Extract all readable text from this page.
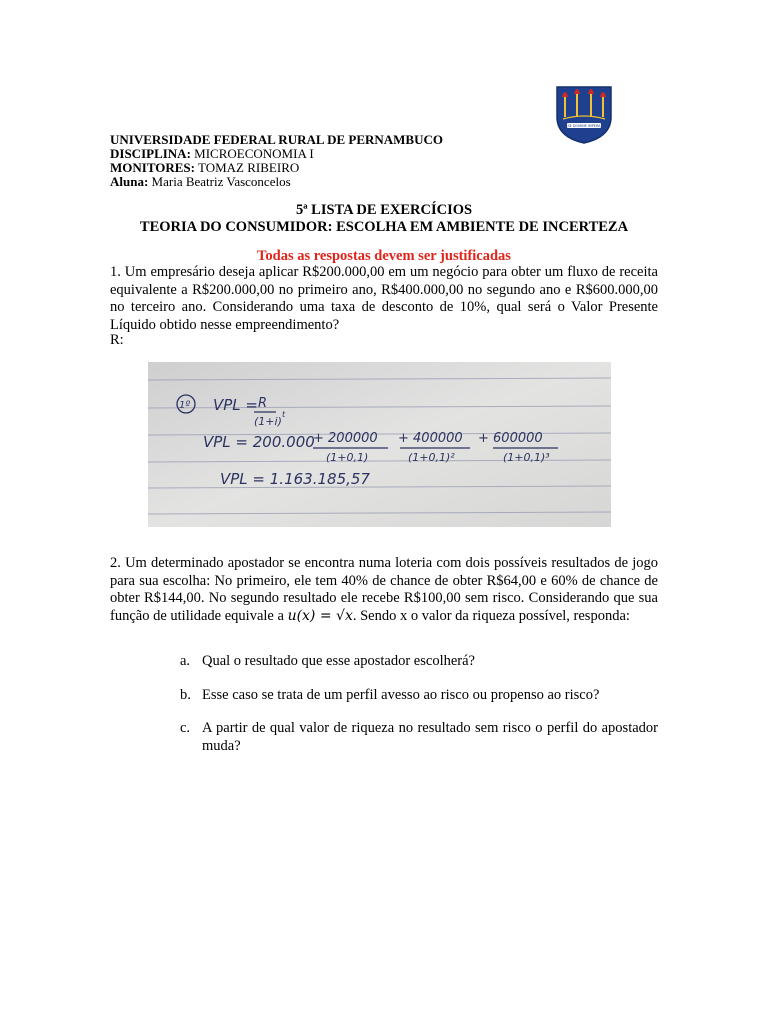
SE DOMINE IMPERA
UNIVERSIDADE FEDERAL RURAL DE PERNAMBUCO
DISCIPLINA: MICROECONOMIA I
MONITORES: TOMAZ RIBEIRO
Aluna: Maria Beatriz Vasconcelos
5ª LISTA DE EXERCÍCIOS
TEORIA DO CONSUMIDOR: ESCOLHA EM AMBIENTE DE INCERTEZA
Todas as respostas devem ser justificadas
1. Um empresário deseja aplicar R$200.000,00 em um negócio para obter um fluxo de receita equivalente a R$200.000,00 no primeiro ano, R$400.000,00 no segundo ano e R$600.000,00 no terceiro ano. Considerando uma taxa de desconto de 10%, qual será o Valor Presente Líquido obtido nesse empreendimento?
R:
1º VPL = R
(1+i)
t
VPL = 200.000
+ 200000
(1+0,1)
+ 400000
(1+0,1)²
+ 600000
(1+0,1)³
VPL = 1.163.185,57
2. Um determinado apostador se encontra numa loteria com dois possíveis resultados de jogo para sua escolha: No primeiro, ele tem 40% de chance de obter R$64,00 e 60% de chance de obter R$144,00. No segundo resultado ele recebe R$100,00 sem risco. Considerando que sua função de utilidade equivale a u(x) = √x. Sendo x o valor da riqueza possível, responda:
a. Qual o resultado que esse apostador escolherá?
b. Esse caso se trata de um perfil avesso ao risco ou propenso ao risco?
c. A partir de qual valor de riqueza no resultado sem risco o perfil do apostador muda?
